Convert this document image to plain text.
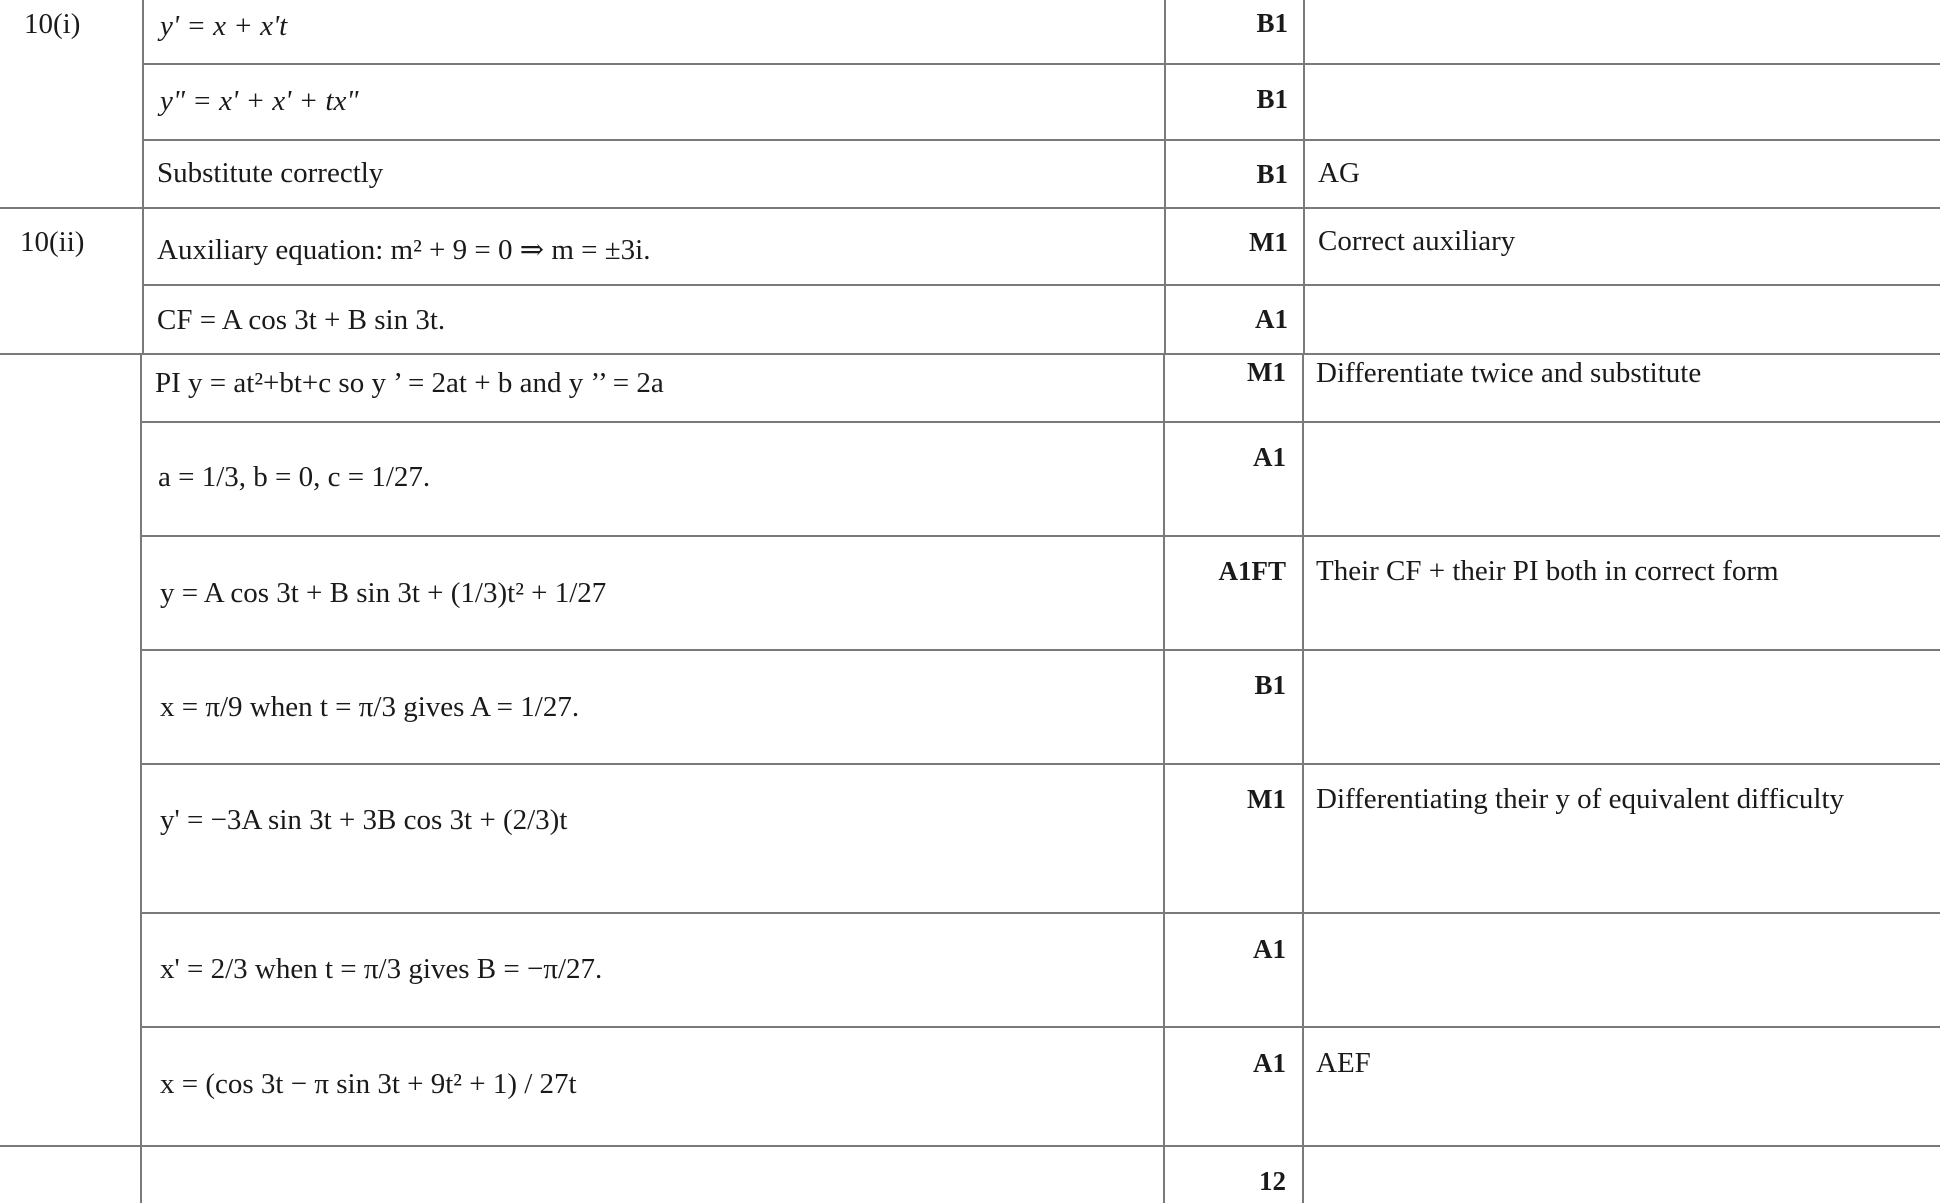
10(i)
10(ii)
y' = x + x't
y" = x' + x' + tx"
Substitute correctly
Auxiliary equation: m² + 9 = 0 ⇒ m = ±3i.
CF = A cos 3t + B sin 3t.
PI y = at²+bt+c so y ’ = 2at + b and y ’’ = 2a
a = 1/3, b = 0, c = 1/27.
y = A cos 3t + B sin 3t + (1/3)t² + 1/27
x = π/9 when t = π/3 gives A = 1/27.
y' = −3A sin 3t + 3B cos 3t + (2/3)t
x' = 2/3 when t = π/3 gives B = −π/27.
x = (cos 3t − π sin 3t + 9t² + 1) / 27t
B1
B1
B1
M1
A1
M1
A1
A1FT
B1
M1
A1
A1
12
AG
Correct auxiliary
Differentiate twice and substitute
Their CF + their PI both in correct form
Differentiating their y of equivalent difficulty
AEF
